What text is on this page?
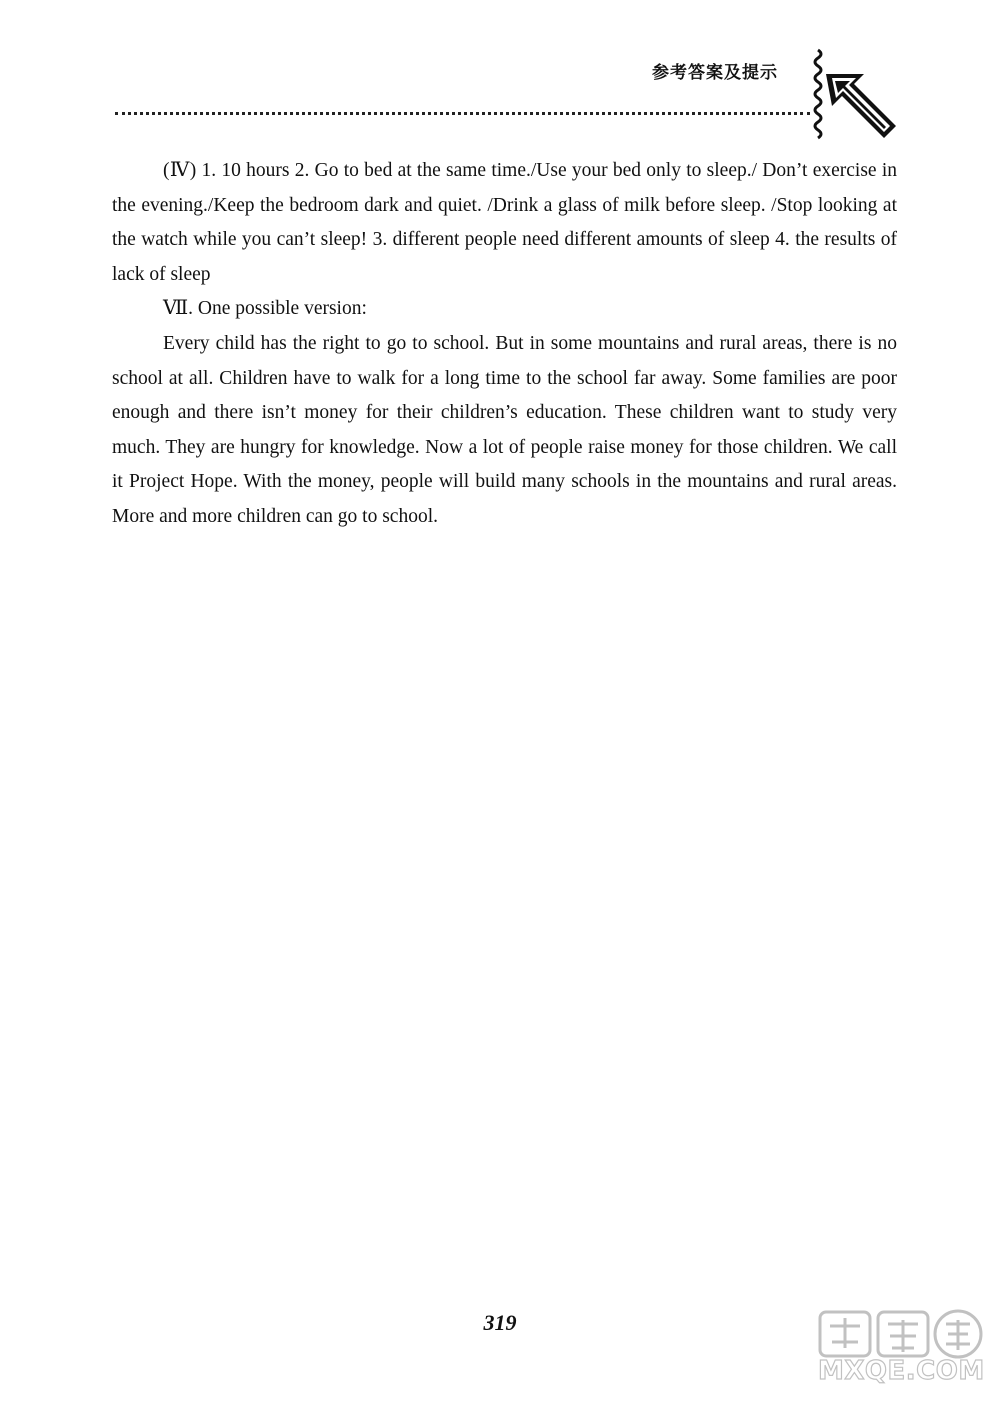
参考答案及提示

(Ⅳ) 1. 10 hours 2. Go to bed at the same time./Use your bed only to sleep./ Don’t exercise in the evening./Keep the bedroom dark and quiet. /Drink a glass of milk before sleep. /Stop looking at the watch while you can’t sleep! 3. different people need different amounts of sleep 4. the results of lack of sleep

Ⅶ. One possible version:

Every child has the right to go to school. But in some mountains and rural areas, there is no school at all. Children have to walk for a long time to the school far away. Some families are poor enough and there isn’t money for their children’s education. These children want to study very much. They are hungry for knowledge. Now a lot of people raise money for those children. We call it Project Hope. With the money, people will build many schools in the mountains and rural areas. More and more children can go to school.

319
MXQE.COM
